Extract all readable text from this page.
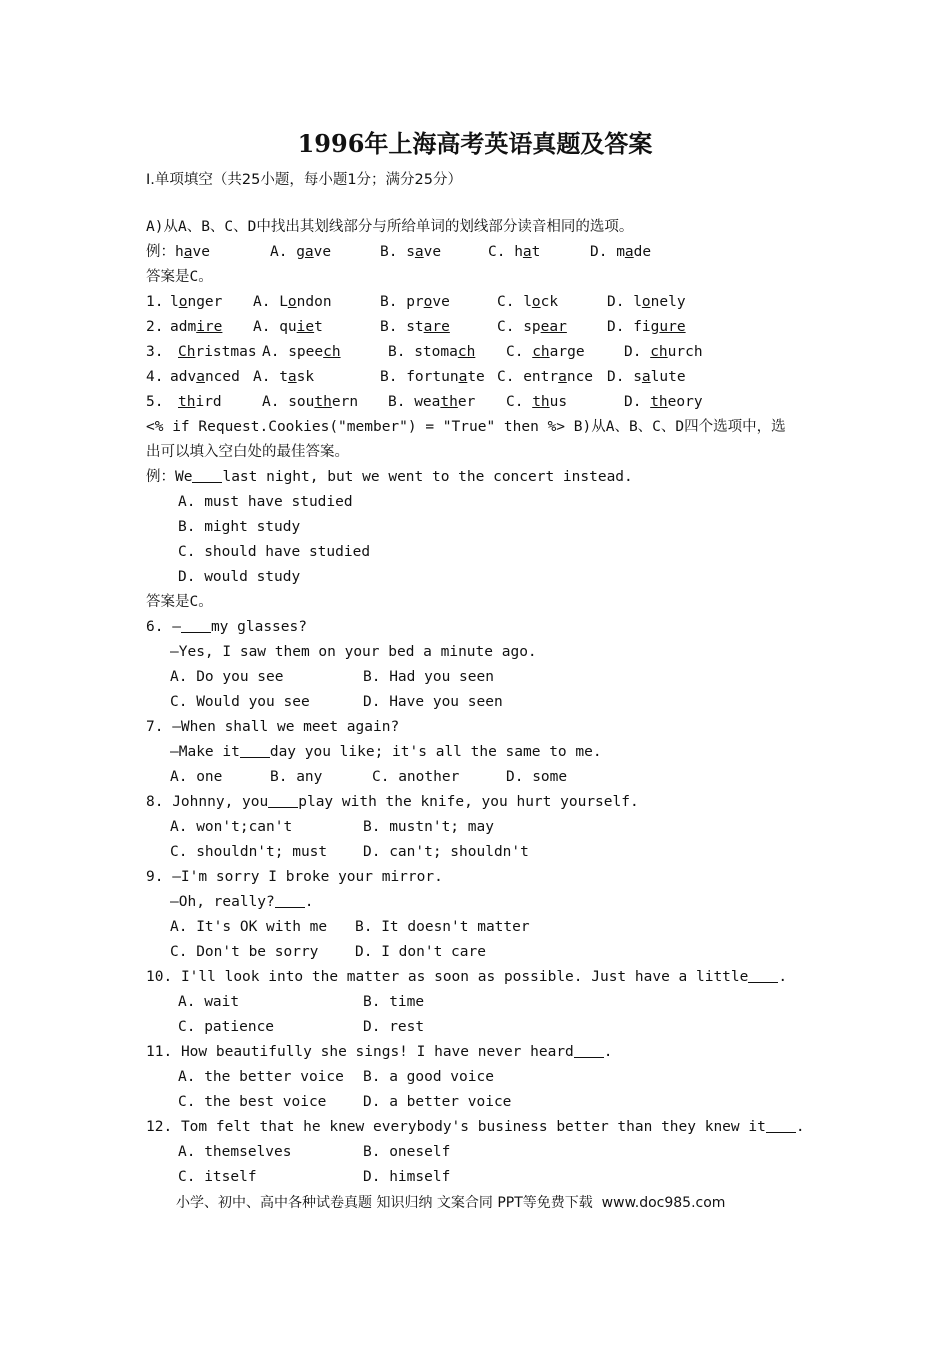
1996年上海高考英语真题及答案
Ⅰ.单项填空（共25小题，每小题1分；满分25分）
A)从A、B、C、D中找出其划线部分与所给单词的划线部分读音相同的选项。
例：have	A. gave	B. save	C. hat	D. made
答案是C。
1. longer A. London	B. prove	C. lock	D. lonely
2. admire A. quiet	B. stare	C. spear	D. figure
3. Christmas A. speech	B. stomach C. charge	D. church
4. advanced A. task	B. fortunate C. entrance D. salute
5. third	A. southern B. weather C. thus	D. theory
<% if Request.Cookies("member") = "True" then %> B)从A、B、C、D四个选项中，选
出可以填入空白处的最佳答案。
例：We last night, but we went to the concert instead.
A. must have studied
B. might study
C. should have studied
D. would study
答案是C。
6. — my glasses?
—Yes, I saw them on your bed a minute ago.
A. Do you see	B. Had you seen
C. Would you see	D. Have you seen
7. —When shall we meet again?
—Make it day you like; it's all the same to me.
A. one	B. any	C. another	D. some
8. Johnny, you play with the knife, you hurt yourself.
A. won't;can't	B. mustn't; may
C. shouldn't; must D. can't; shouldn't
9. —I'm sorry I broke your mirror.
—Oh, really? .
A. It's OK with me B. It doesn't matter
C. Don't be sorry	D. I don't care
10. I'll look into the matter as soon as possible. Just have a little .
A. wait	B. time
C. patience	D. rest
11. How beautifully she sings! I have never heard .
A. the better voice B. a good voice
C. the best voice	D. a better voice
12. Tom felt that he knew everybody's business better than they knew it .
A. themselves	B. oneself
C. itself	D. himself
小学、初中、高中各种试卷真题 知识归纳 文案合同 PPT等免费下载  www.doc985.com
